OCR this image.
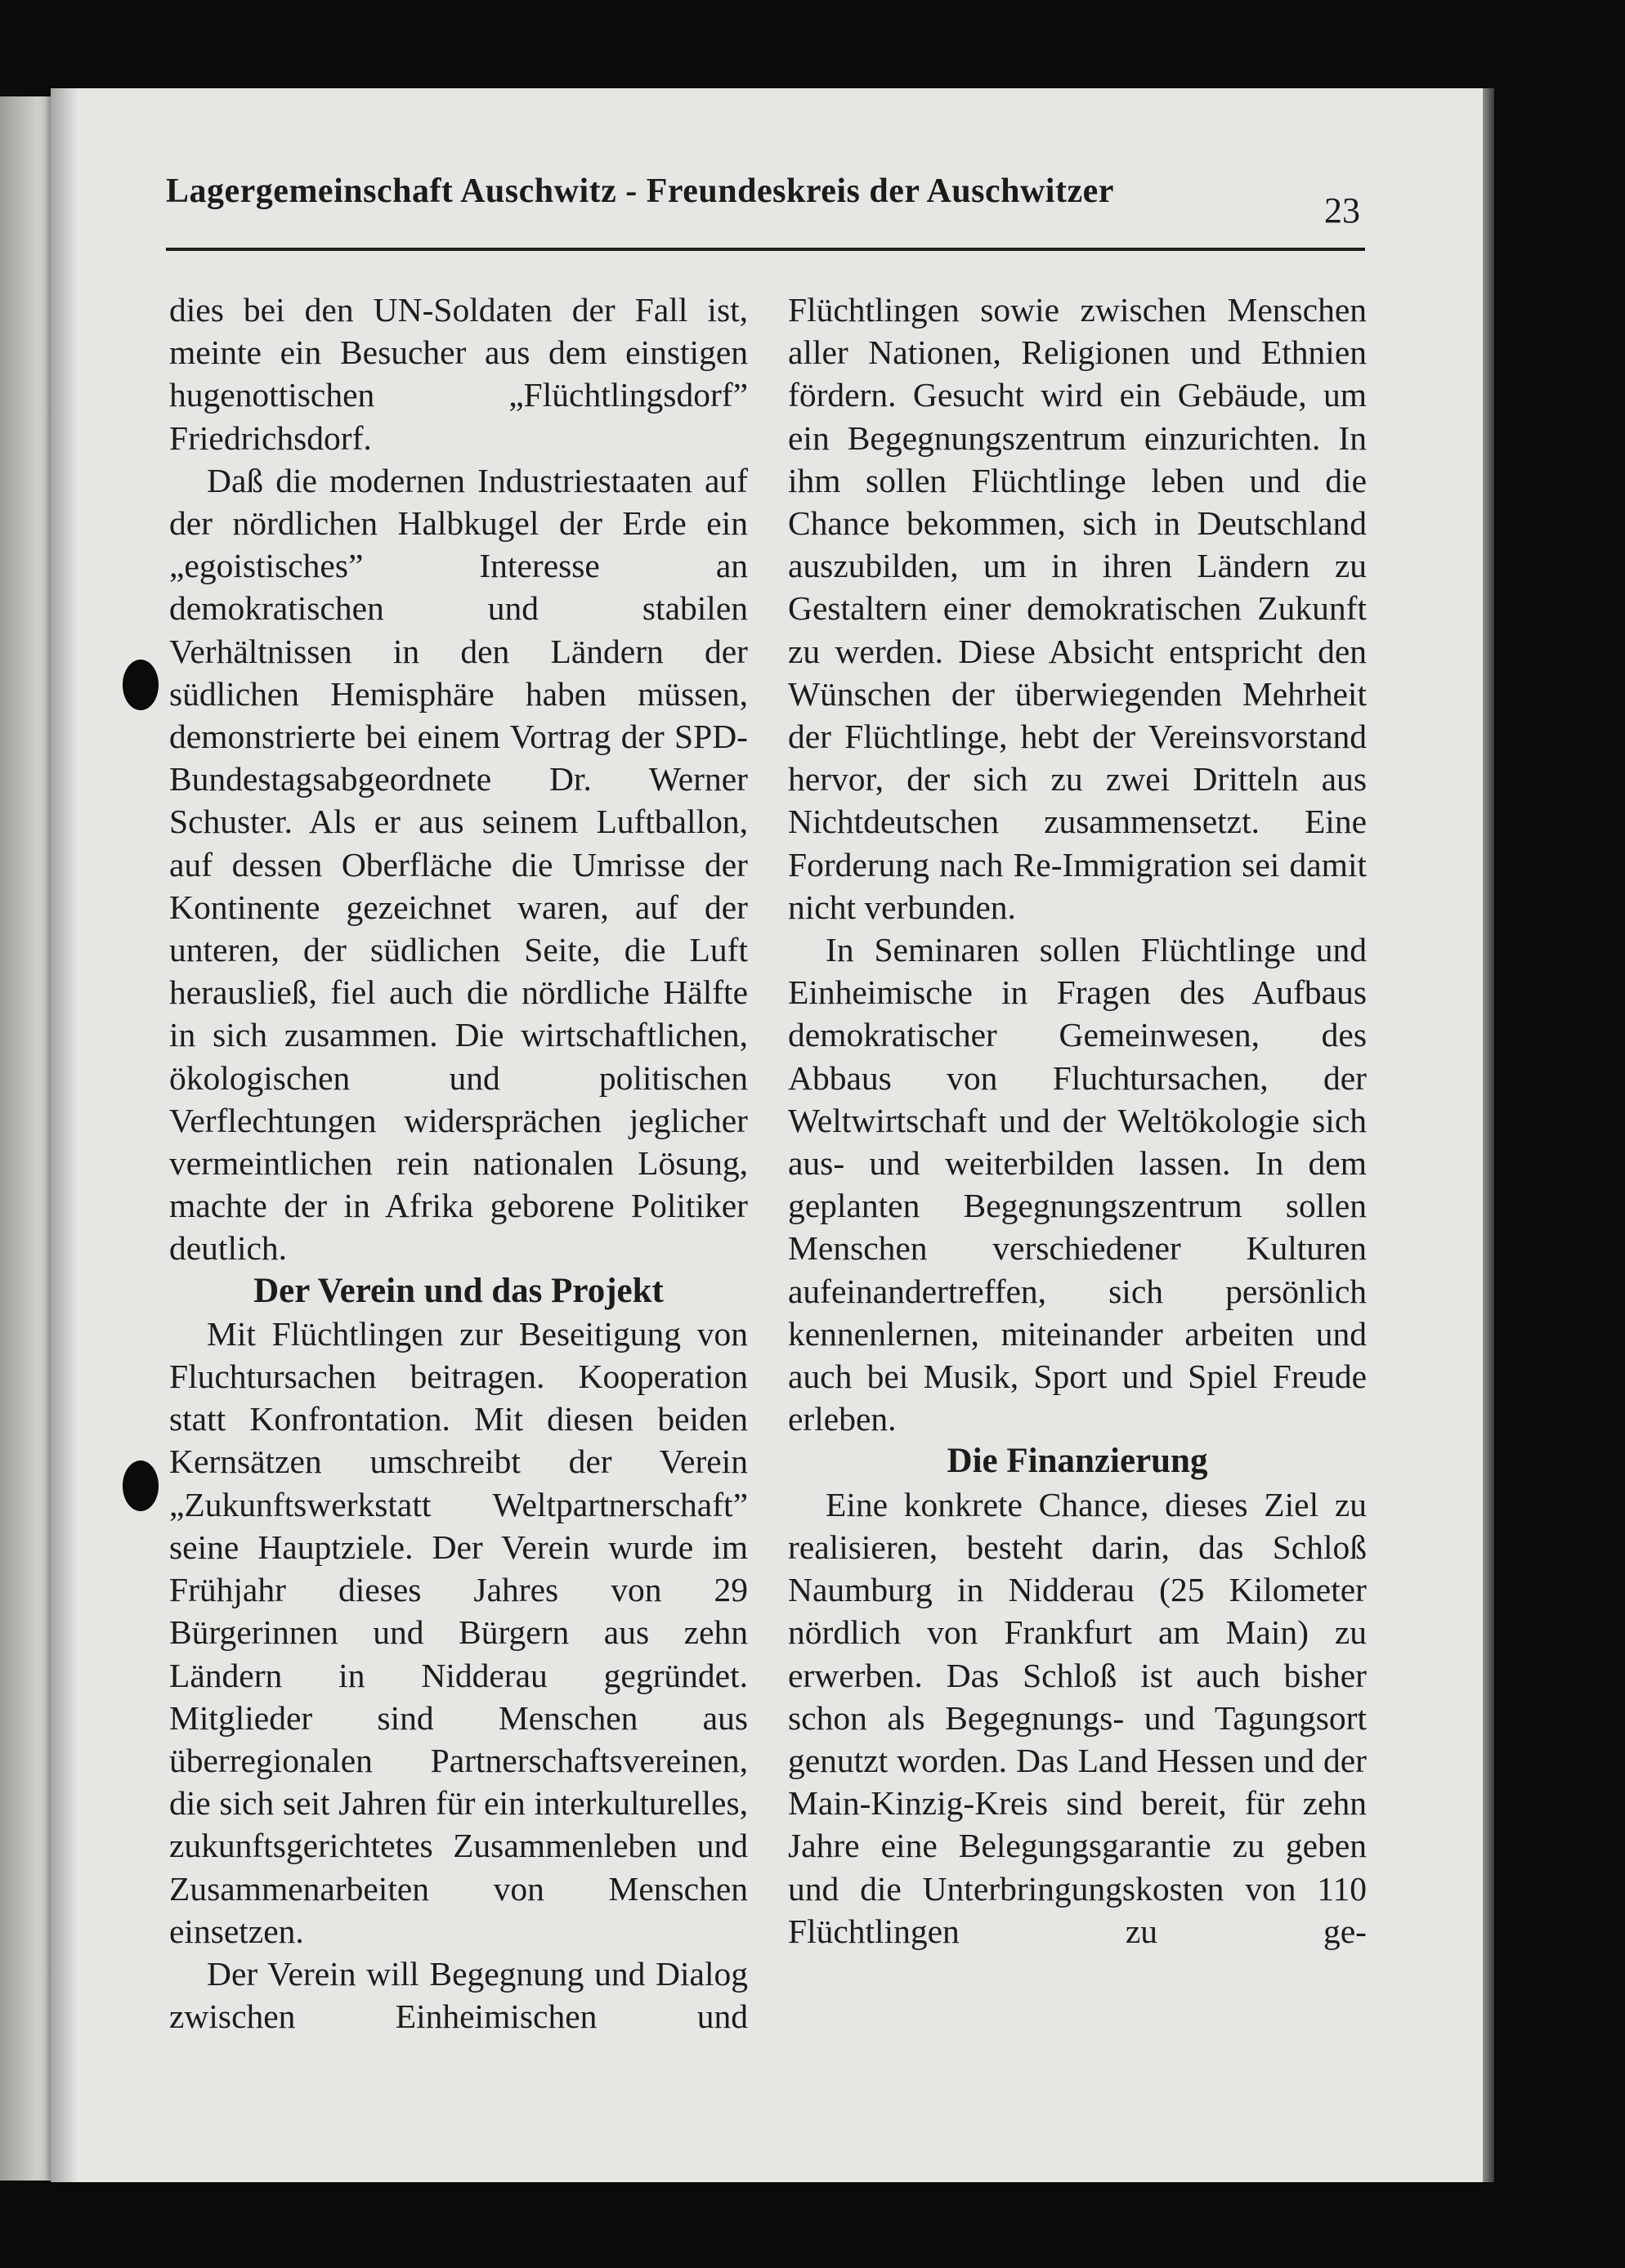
Lagergemeinschaft Auschwitz - Freundeskreis der Auschwitzer	23

dies bei den UN-Soldaten der Fall ist, meinte ein Besucher aus dem einstigen hugenottischen „Flüchtlingsdorf” Friedrichsdorf.

Daß die modernen Industriestaaten auf der nördlichen Halbkugel der Erde ein „egoistisches” Interesse an demokratischen und stabilen Verhältnissen in den Ländern der südlichen Hemisphäre haben müssen, demonstrierte bei einem Vortrag der SPD-Bundestagsabgeordnete Dr. Werner Schuster. Als er aus seinem Luftballon, auf dessen Oberfläche die Umrisse der Kontinente gezeichnet waren, auf der unteren, der südlichen Seite, die Luft herausließ, fiel auch die nördliche Hälfte in sich zusammen. Die wirtschaftlichen, ökologischen und politischen Verflechtungen widersprächen jeglicher vermeintlichen rein nationalen Lösung, machte der in Afrika geborene Politiker deutlich.

Der Verein und das Projekt

Mit Flüchtlingen zur Beseitigung von Fluchtursachen beitragen. Kooperation statt Konfrontation. Mit diesen beiden Kernsätzen umschreibt der Verein „Zukunftswerkstatt Weltpartnerschaft” seine Hauptziele. Der Verein wurde im Frühjahr dieses Jahres von 29 Bürgerinnen und Bürgern aus zehn Ländern in Nidderau gegründet. Mitglieder sind Menschen aus überregionalen Partnerschaftsvereinen, die sich seit Jahren für ein interkulturelles, zukunftsgerichtetes Zusammenleben und Zusammenarbeiten von Menschen einsetzen.

Der Verein will Begegnung und Dialog zwischen Einheimischen und

Flüchtlingen sowie zwischen Menschen aller Nationen, Religionen und Ethnien fördern. Gesucht wird ein Gebäude, um ein Begegnungszentrum einzurichten. In ihm sollen Flüchtlinge leben und die Chance bekommen, sich in Deutschland auszubilden, um in ihren Ländern zu Gestaltern einer demokratischen Zukunft zu werden. Diese Absicht entspricht den Wünschen der überwiegenden Mehrheit der Flüchtlinge, hebt der Vereinsvorstand hervor, der sich zu zwei Dritteln aus Nichtdeutschen zusammensetzt. Eine Forderung nach Re-Immigration sei damit nicht verbunden.

In Seminaren sollen Flüchtlinge und Einheimische in Fragen des Aufbaus demokratischer Gemeinwesen, des Abbaus von Fluchtursachen, der Weltwirtschaft und der Weltökologie sich aus- und weiterbilden lassen. In dem geplanten Begegnungszentrum sollen Menschen verschiedener Kulturen aufeinandertreffen, sich persönlich kennenlernen, miteinander arbeiten und auch bei Musik, Sport und Spiel Freude erleben.

Die Finanzierung

Eine konkrete Chance, dieses Ziel zu realisieren, besteht darin, das Schloß Naumburg in Nidderau (25 Kilometer nördlich von Frankfurt am Main) zu erwerben. Das Schloß ist auch bisher schon als Begegnungs- und Tagungsort genutzt worden. Das Land Hessen und der Main-Kinzig-Kreis sind bereit, für zehn Jahre eine Belegungsgarantie zu geben und die Unterbringungskosten von 110 Flüchtlingen zu ge-
